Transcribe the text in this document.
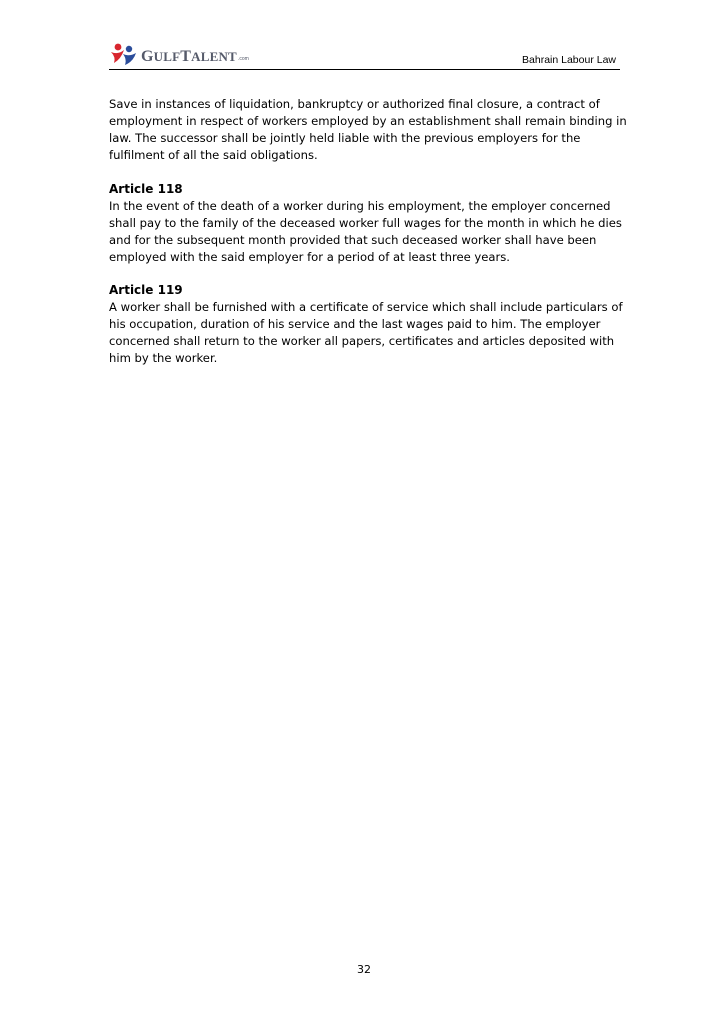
GULFTALENT .com	Bahrain Labour Law

Save in instances of liquidation, bankruptcy or authorized final closure, a contract of employment in respect of workers employed by an establishment shall remain binding in law. The successor shall be jointly held liable with the previous employers for the fulfilment of all the said obligations.

Article 118

In the event of the death of a worker during his employment, the employer concerned shall pay to the family of the deceased worker full wages for the month in which he dies and for the subsequent month provided that such deceased worker shall have been employed with the said employer for a period of at least three years.

Article 119

A worker shall be furnished with a certificate of service which shall include particulars of his occupation, duration of his service and the last wages paid to him. The employer concerned shall return to the worker all papers, certificates and articles deposited with him by the worker.

32
